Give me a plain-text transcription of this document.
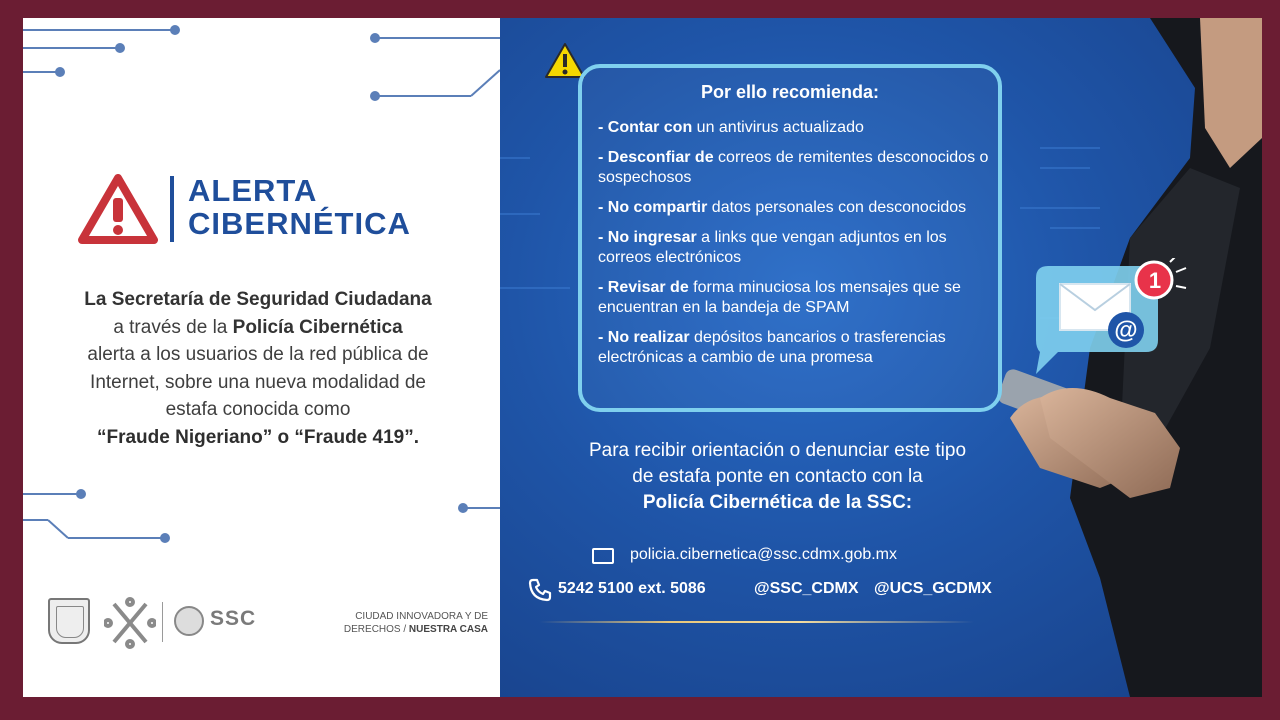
ALERTA
CIBERNÉTICA
La Secretaría de Seguridad Ciudadana
a través de la Policía Cibernética
alerta a los usuarios de la red pública de
Internet, sobre una nueva modalidad de
estafa conocida como
“Fraude Nigeriano” o “Fraude 419”.
SSC	CIUDAD INNOVADORA Y DE
DERECHOS / NUESTRA CASA
@
1
Por ello recomienda:
- Contar con un antivirus actualizado
- Desconfiar de correos de remitentes desconocidos o sospechosos
- No compartir datos personales con desconocidos
- No ingresar a links que vengan adjuntos en los correos electrónicos
- Revisar de forma minuciosa los mensajes que se encuentran en la bandeja de SPAM
- No realizar depósitos bancarios o trasferencias electrónicas a cambio de una promesa
Para recibir orientación o denunciar este tipo
de estafa ponte en contacto con la
Policía Cibernética de la SSC:
policia.cibernetica@ssc.cdmx.gob.mx
5242 5100 ext. 5086	@SSC_CDMX @UCS_GCDMX
